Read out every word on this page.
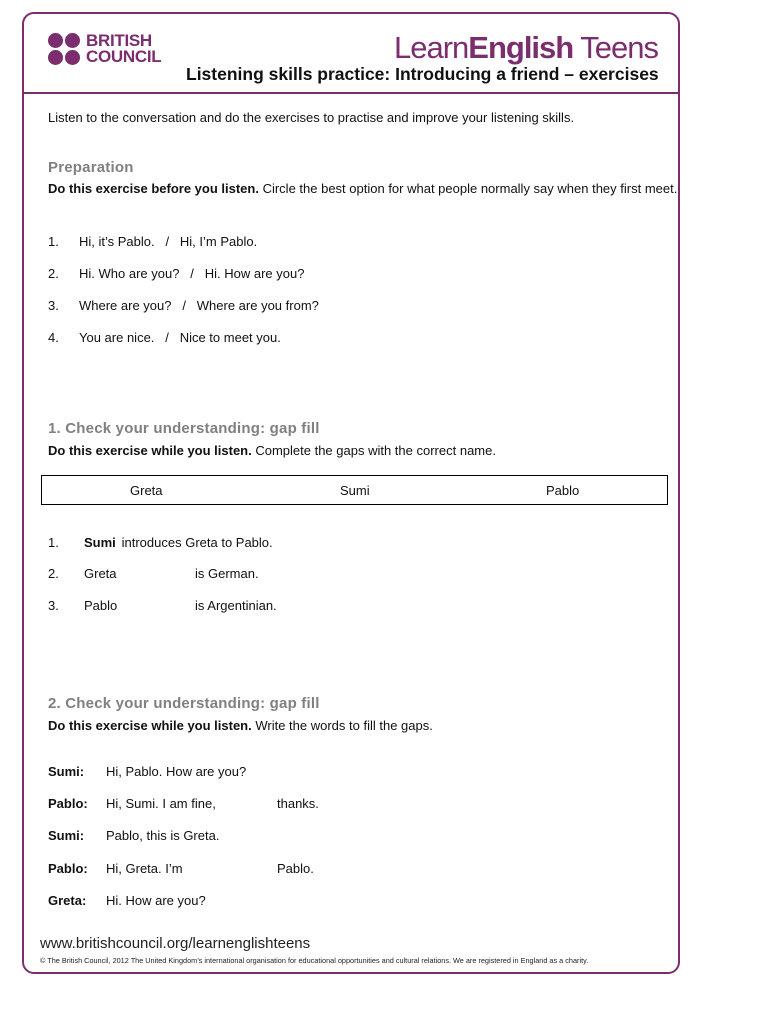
BRITISH
COUNCIL	LearnEnglish Teens
Listening skills practice: Introducing a friend – exercises
Listen to the conversation and do the exercises to practise and improve your listening skills.
Preparation
Do this exercise before you listen. Circle the best option for what people normally say when they first meet.
1. Hi, it’s Pablo.   /   Hi, I’m Pablo.
2. Hi. Who are you?   /   Hi. How are you?
3. Where are you?   /   Where are you from?
4. You are nice.   /   Nice to meet you.
1. Check your understanding: gap fill
Do this exercise while you listen. Complete the gaps with the correct name.
Greta	Sumi	Pablo
1. Sumi introduces Greta to Pablo.
2. Greta	is German.
3. Pablo	is Argentinian.
2. Check your understanding: gap fill
Do this exercise while you listen. Write the words to fill the gaps.
Sumi: Hi, Pablo. How are you?
Pablo: Hi, Sumi. I am fine,	thanks.
Sumi: Pablo, this is Greta.
Pablo: Hi, Greta. I’m	Pablo.
Greta: Hi. How are you?
www.britishcouncil.org/learnenglishteens
© The British Council, 2012 The United Kingdom’s international organisation for educational opportunities and cultural relations. We are registered in England as a charity.
